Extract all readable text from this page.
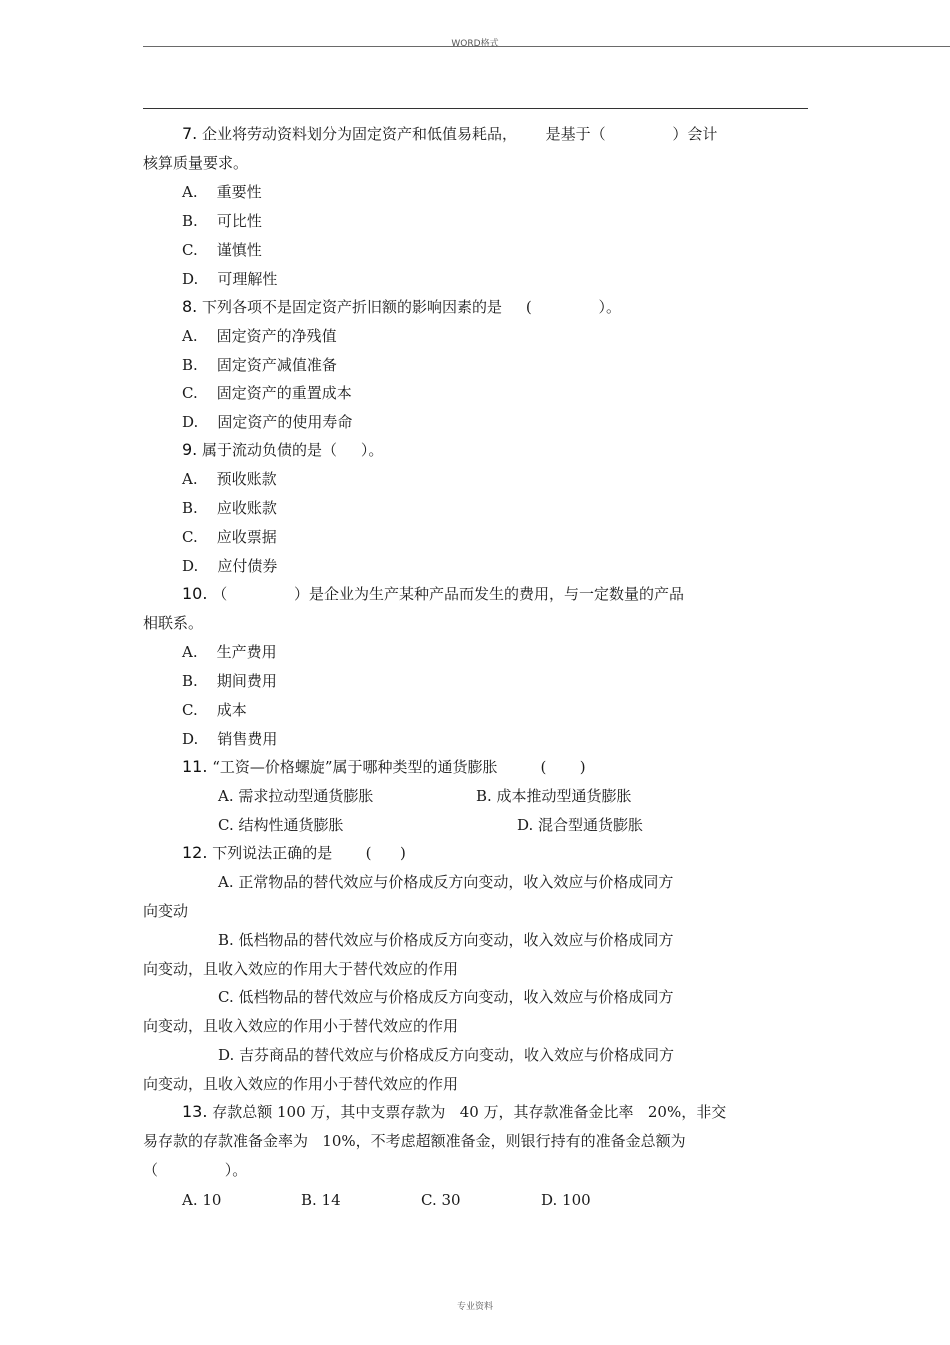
WORD格式
7. 企业将劳动资料划分为固定资产和低值易耗品，      是基于（              ）会计
核算质量要求。
A.    重要性
B.    可比性
C.    谨慎性
D.    可理解性
8. 下列各项不是固定资产折旧额的影响因素的是     (              ）。
A.    固定资产的净残值
B.    固定资产减值准备
C.    固定资产的重置成本
D.    固定资产的使用寿命
9. 属于流动负债的是（     ）。
A.    预收账款
B.    应收账款
C.    应收票据
D.    应付债券
10. （              ）是企业为生产某种产品而发生的费用，与一定数量的产品
相联系。
A.    生产费用
B.    期间费用
C.    成本
D.    销售费用
11. “工资—价格螺旋”属于哪种类型的通货膨胀         (       )
A. 需求拉动型通货膨胀	B. 成本推动型通货膨胀
C. 结构性通货膨胀	D. 混合型通货膨胀
12. 下列说法正确的是       (      )
A. 正常物品的替代效应与价格成反方向变动，收入效应与价格成同方
向变动
B. 低档物品的替代效应与价格成反方向变动，收入效应与价格成同方
向变动，且收入效应的作用大于替代效应的作用
C. 低档物品的替代效应与价格成反方向变动，收入效应与价格成同方
向变动，且收入效应的作用小于替代效应的作用
D. 吉芬商品的替代效应与价格成反方向变动，收入效应与价格成同方
向变动，且收入效应的作用小于替代效应的作用
13. 存款总额 100 万，其中支票存款为   40 万，其存款准备金比率   20%，非交
易存款的存款准备金率为   10%，不考虑超额准备金，则银行持有的准备金总额为
（              ）。
A. 10	B. 14	C. 30	D. 100
专业资料
